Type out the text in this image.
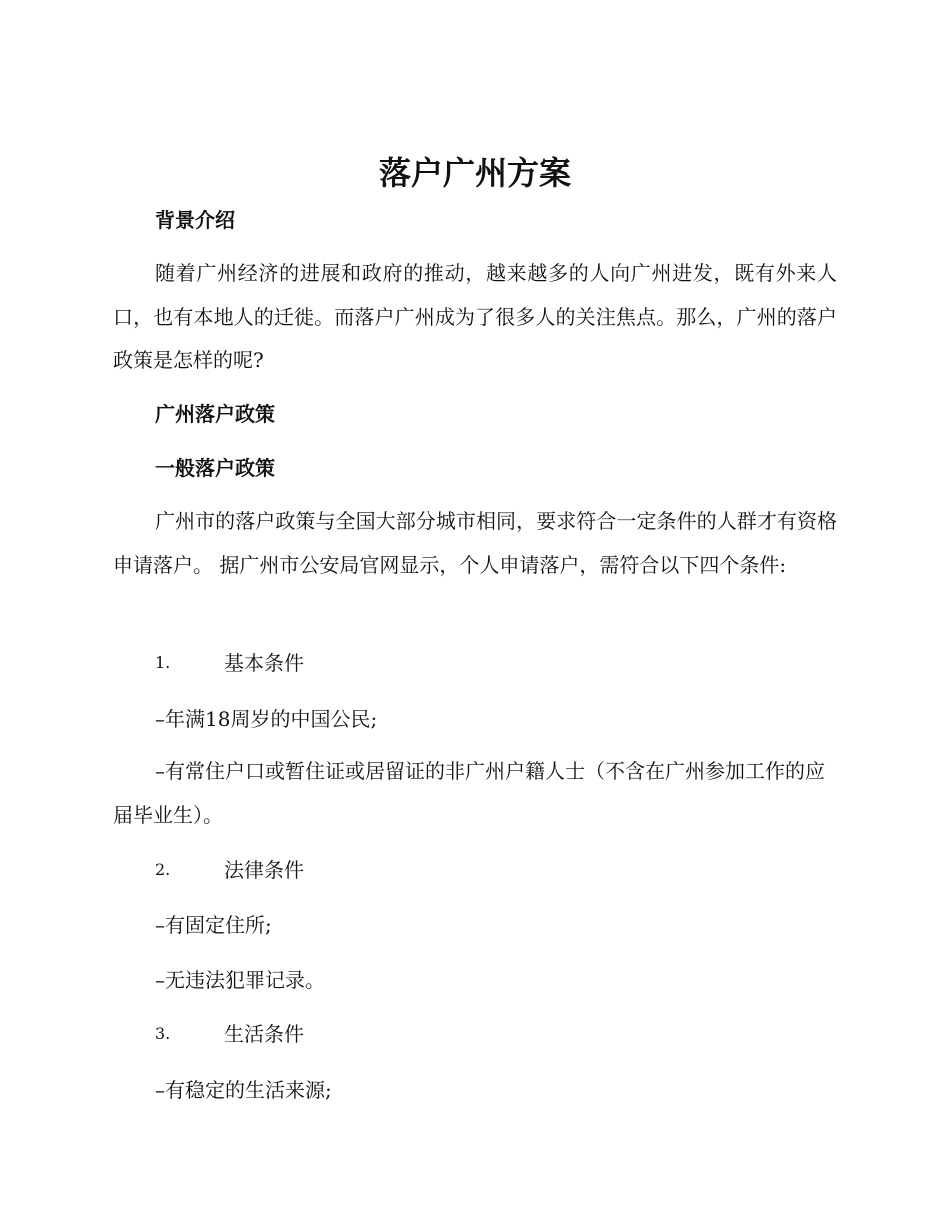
落户广州方案
背景介绍

随着广州经济的进展和政府的推动，越来越多的人向广州进发，既有外来人口，也有本地人的迁徙。而落户广州成为了很多人的关注焦点。那么，广州的落户政策是怎样的呢?

广州落户政策
一般落户政策

广州市的落户政策与全国大部分城市相同，要求符合一定条件的人群才有资格申请落户。 据广州市公安局官网显示，个人申请落户，需符合以下四个条件:

1.	基本条件

–年满18周岁的中国公民;

–有常住户口或暂住证或居留证的非广州户籍人士（不含在广州参加工作的应届毕业生）。

2.	法律条件

–有固定住所;

–无违法犯罪记录。

3.	生活条件

–有稳定的生活来源;
